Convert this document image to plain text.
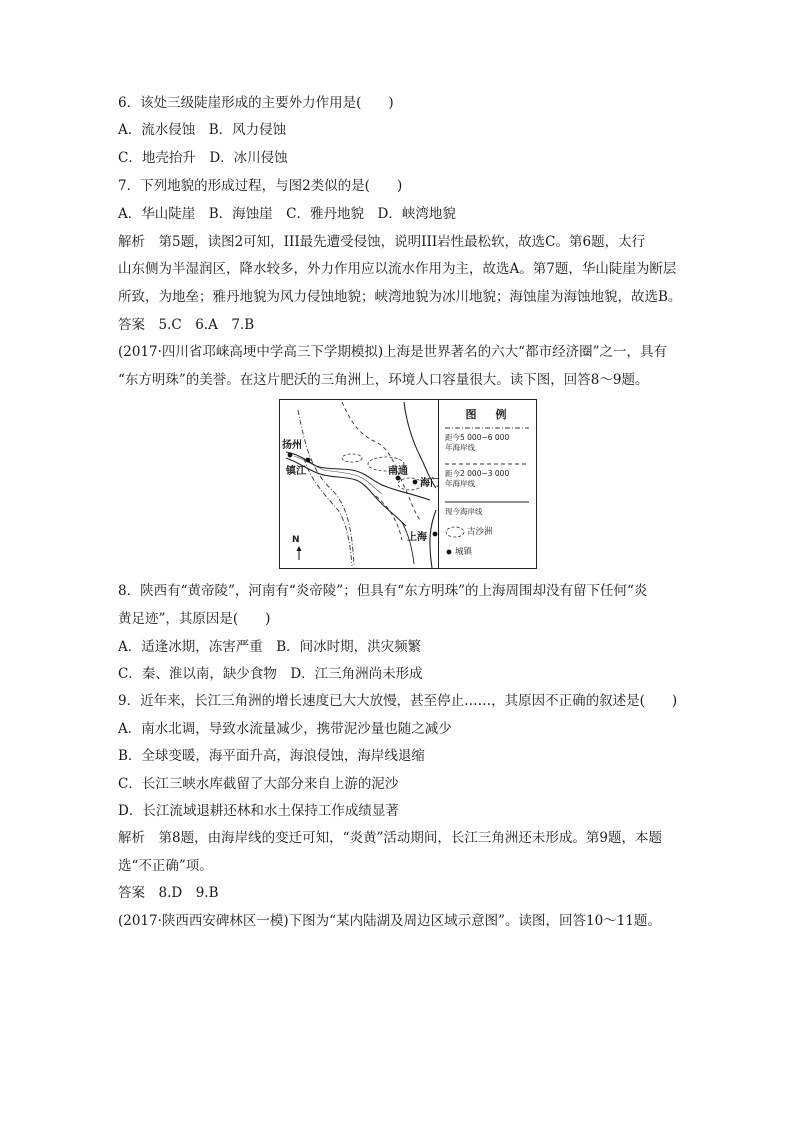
6．该处三级陡崖形成的主要外力作用是(　　)
A．流水侵蚀　B．风力侵蚀
C．地壳抬升　D．冰川侵蚀
7．下列地貌的形成过程，与图2类似的是(　　)
A．华山陡崖　B．海蚀崖　C．雅丹地貌　D．峡湾地貌
解析　第5题，读图2可知，III最先遭受侵蚀，说明III岩性最松软，故选C。第6题，太行
山东侧为半湿润区，降水较多，外力作用应以流水作用为主，故选A。第7题，华山陡崖为断层
所致，为地垒；雅丹地貌为风力侵蚀地貌；峡湾地貌为冰川地貌；海蚀崖为海蚀地貌，故选B。
答案　5.C　6.A　7.B
(2017·四川省邛崃高埂中学高三下学期模拟)上海是世界著名的六大“都市经济圈”之一，具有
“东方明珠”的美誉。在这片肥沃的三角洲上，环境人口容量很大。读下图，回答8～9题。
扬州
镇江	南通
海门
上海
N
图　例
距今5 000~6 000
年海岸线
距今2 000~3 000
年海岸线
现今海岸线
古沙洲
城镇
8．陕西有“黄帝陵”，河南有“炎帝陵”；但具有“东方明珠”的上海周围却没有留下任何“炎
黄足迹”，其原因是(　　)
A．适逢冰期，冻害严重　B．间冰时期，洪灾频繁
C．秦、淮以南，缺少食物　D．江三角洲尚未形成
9．近年来，长江三角洲的增长速度已大大放慢，甚至停止……，其原因不正确的叙述是(　　)
A．南水北调，导致水流量减少，携带泥沙量也随之减少
B．全球变暖，海平面升高，海浪侵蚀，海岸线退缩
C．长江三峡水库截留了大部分来自上游的泥沙
D．长江流域退耕还林和水土保持工作成绩显著
解析　第8题，由海岸线的变迁可知，“炎黄”活动期间，长江三角洲还未形成。第9题，本题
选“不正确”项。
答案　8.D　9.B
(2017·陕西西安碑林区一模)下图为“某内陆湖及周边区域示意图”。读图，回答10～11题。
